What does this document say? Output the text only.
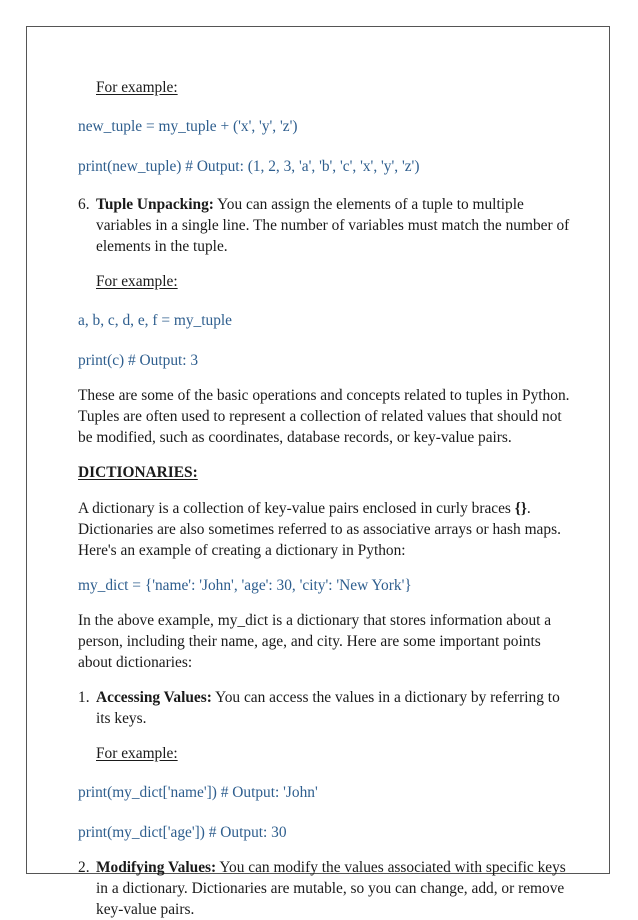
For example:

new_tuple = my_tuple + ('x', 'y', 'z')

print(new_tuple) # Output: (1, 2, 3, 'a', 'b', 'c', 'x', 'y', 'z')

6. Tuple Unpacking: You can assign the elements of a tuple to multiple
variables in a single line. The number of variables must match the number of
elements in the tuple.

For example:

a, b, c, d, e, f = my_tuple

print(c) # Output: 3

These are some of the basic operations and concepts related to tuples in Python.
Tuples are often used to represent a collection of related values that should not
be modified, such as coordinates, database records, or key-value pairs.

DICTIONARIES:

A dictionary is a collection of key-value pairs enclosed in curly braces {}.
Dictionaries are also sometimes referred to as associative arrays or hash maps.
Here's an example of creating a dictionary in Python:

my_dict = {'name': 'John', 'age': 30, 'city': 'New York'}

In the above example, my_dict is a dictionary that stores information about a
person, including their name, age, and city. Here are some important points
about dictionaries:
1. Accessing Values: You can access the values in a dictionary by referring to
its keys.

For example:

print(my_dict['name']) # Output: 'John'

print(my_dict['age']) # Output: 30

2. Modifying Values: You can modify the values associated with specific keys
in a dictionary. Dictionaries are mutable, so you can change, add, or remove
key-value pairs.
